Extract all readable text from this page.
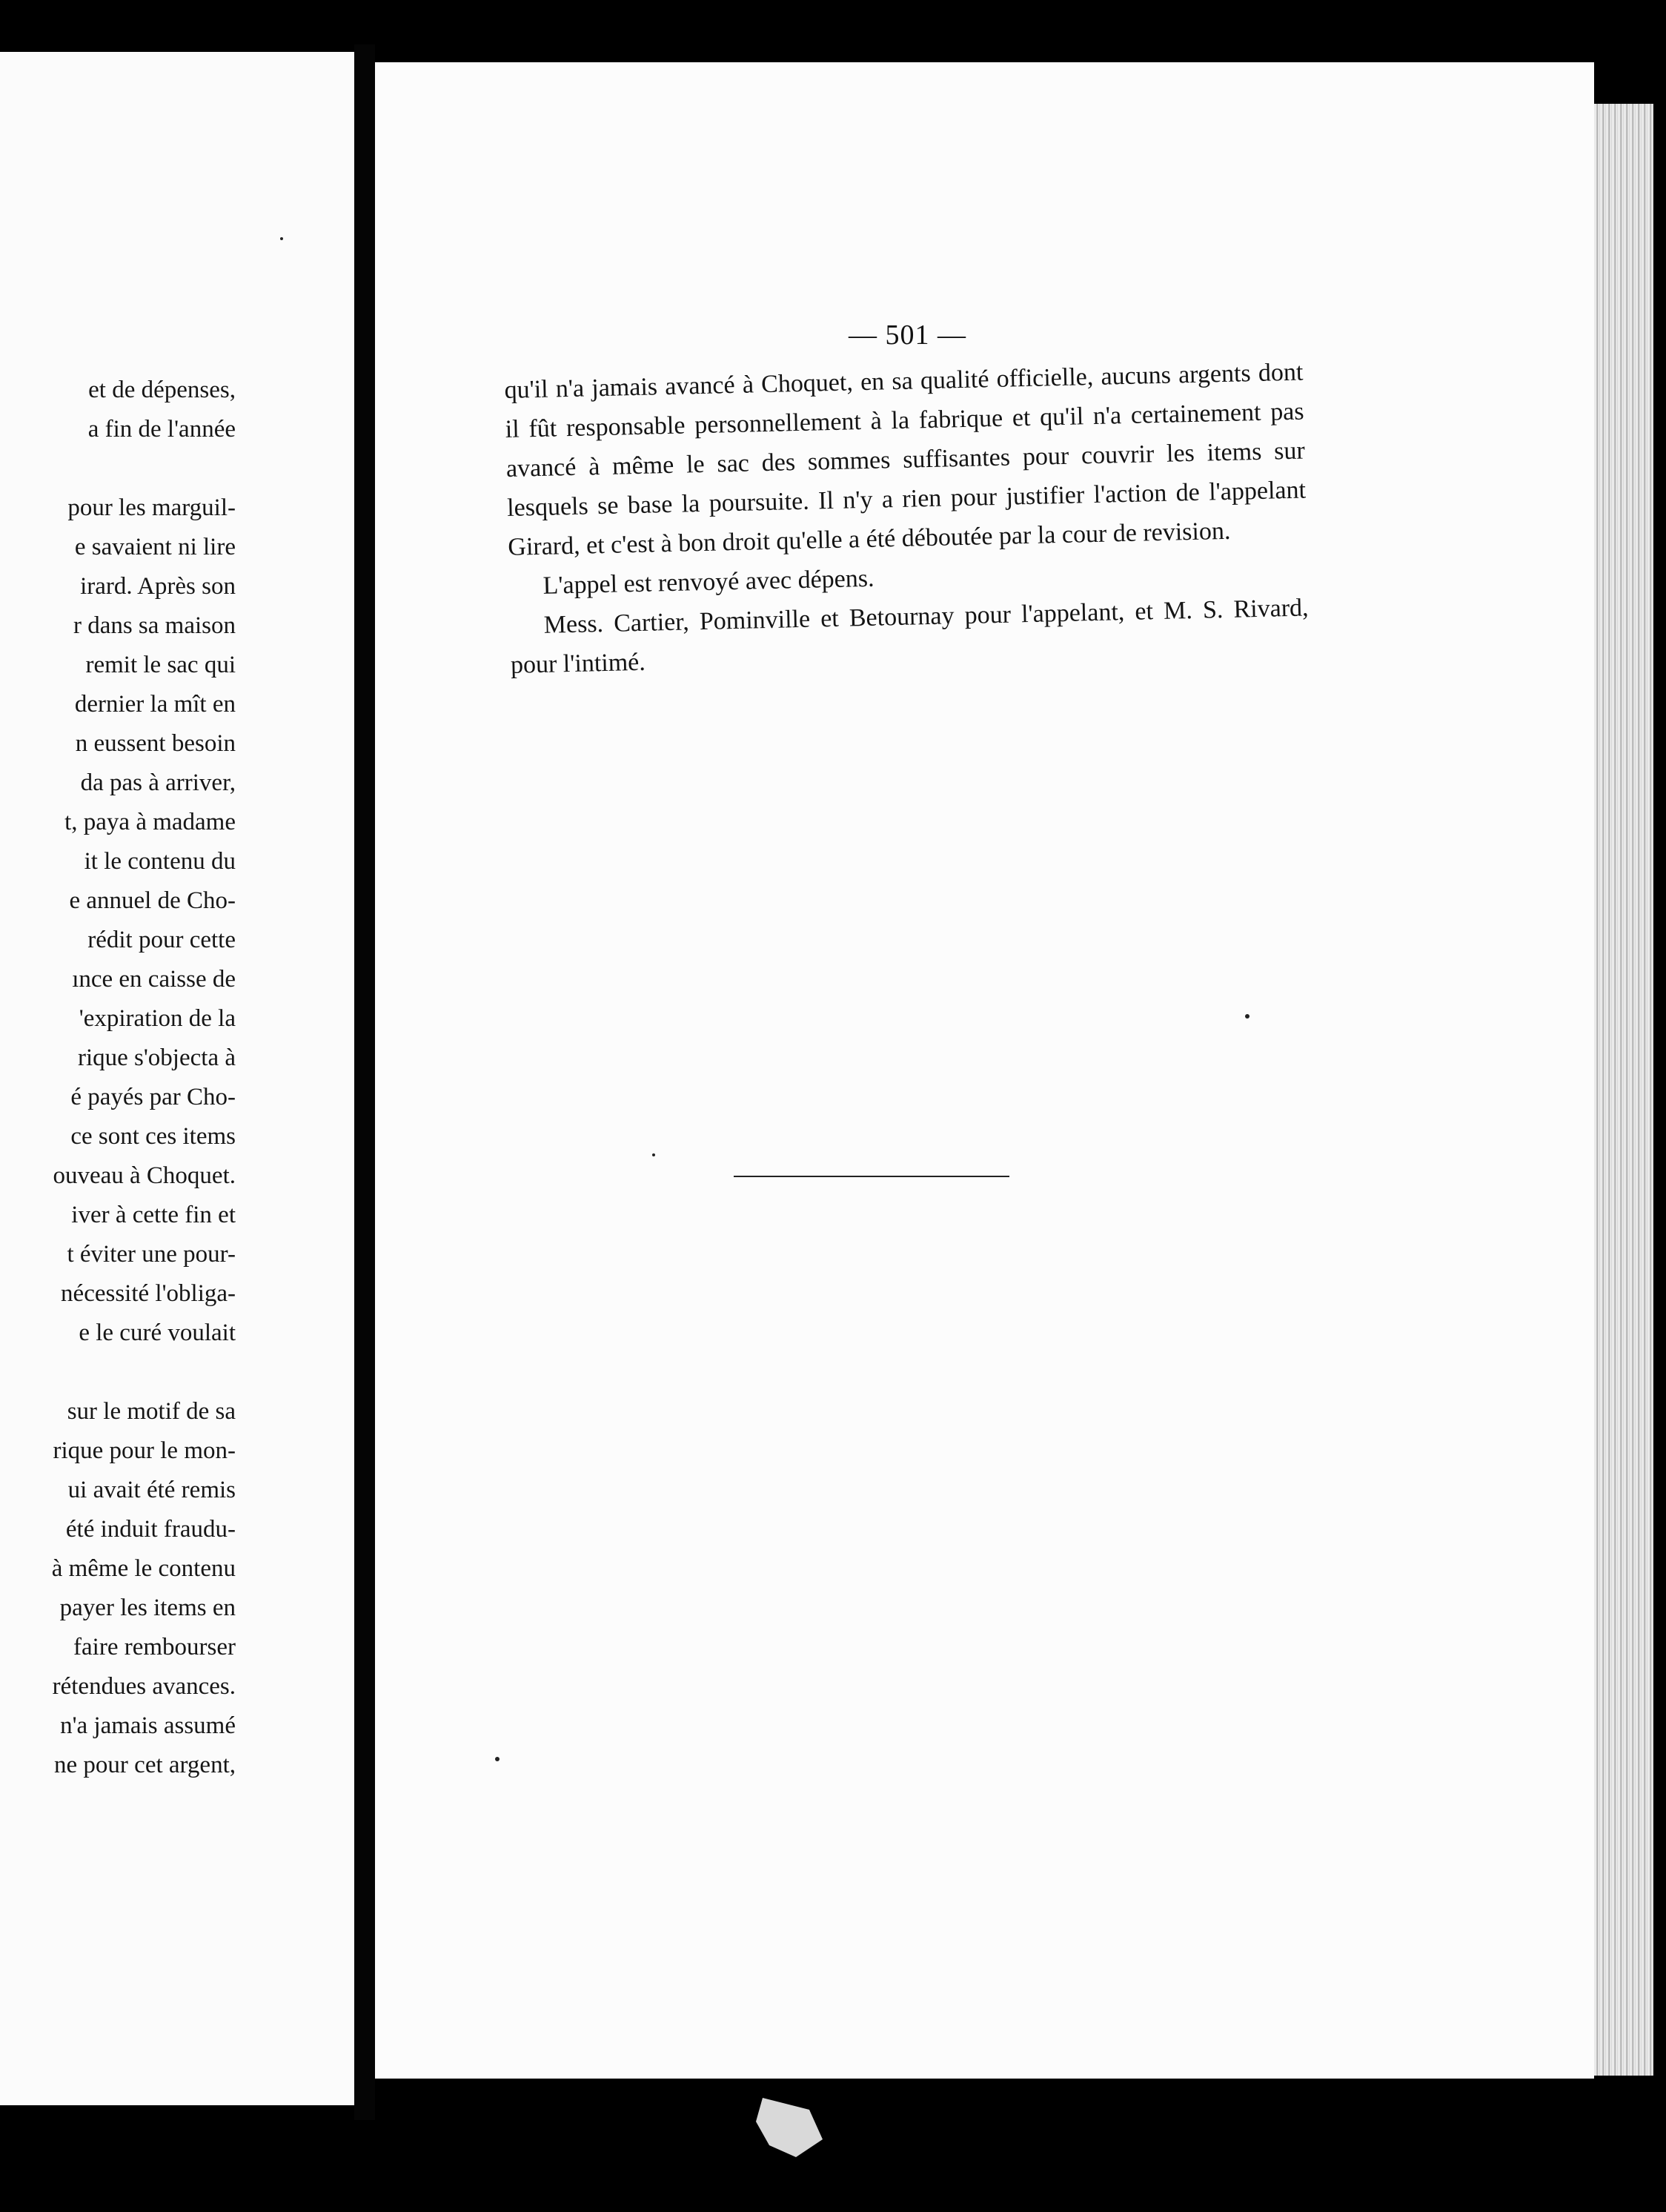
et de dépenses,
a fin de l'année
pour les marguil-
e savaient ni lire
irard. Après son
r dans sa maison
remit le sac qui
dernier la mît en
n eussent besoin
da pas à arriver,
t, paya à madame
it le contenu du
e annuel de Cho-
rédit pour cette
ınce en caisse de
'expiration de la
rique s'objecta à
é payés par Cho-
ce sont ces items
ouveau à Choquet.
iver à cette fin et
t éviter une pour-
nécessité l'obliga-
e le curé voulait
sur le motif de sa
rique pour le mon-
ui avait été remis
été induit fraudu-
à même le contenu
payer les items en
faire rembourser
rétendues avances.
n'a jamais assumé
ne pour cet argent,
— 501 —

qu'il n'a jamais avancé à Choquet, en sa qualité officielle, aucuns argents dont il fût responsable personnellement à la fabrique et qu'il n'a certainement pas avancé à même le sac des sommes suffisantes pour couvrir les items sur lesquels se base la poursuite. Il n'y a rien pour justifier l'action de l'appelant Girard, et c'est à bon droit qu'elle a été déboutée par la cour de revision.

L'appel est renvoyé avec dépens.

Mess. Cartier, Pominville et Betournay pour l'appelant, et M. S. Rivard, pour l'intimé.
